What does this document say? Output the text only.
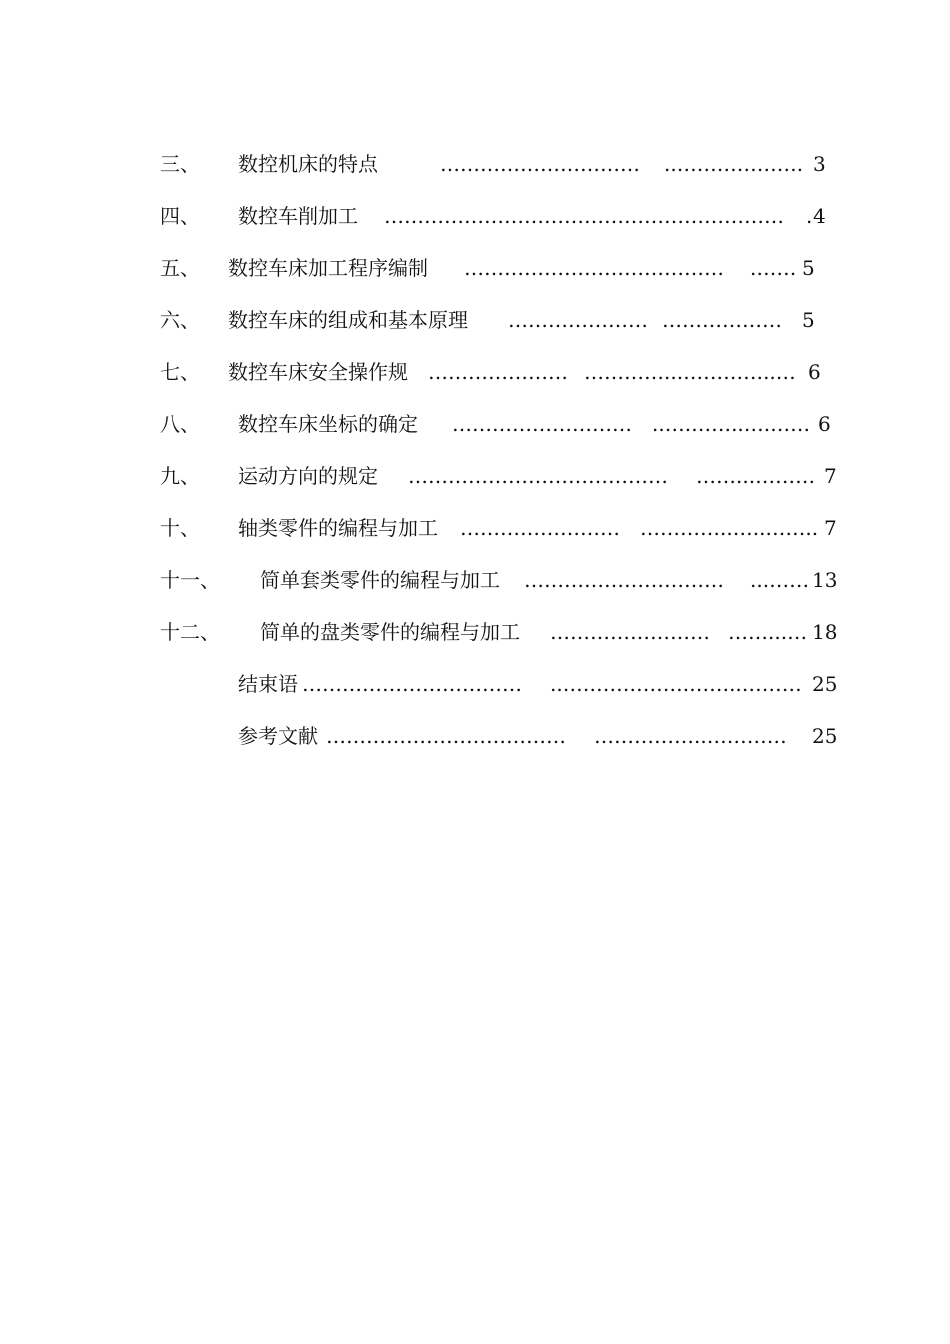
三、 数控机床的特点	………………………… ..………………. 3
四、 数控车削加工 …………………………………………………… . 4
五、 数控车床加工程序编制 ………………………………… .…… 5
六、 数控车床的组成和基本原理 ………………… ……………… 5
七、 数控车床安全操作规 ………………… …………...…………..… 6
八、 数控车床坐标的确定 ……………………… ..….……..….…… 6
九、 运动方向的规定 ………………………………… ……...……… 7
十、 轴类零件的编程与加工 …………………… …………..…..…….. 7
十一、 简单套类零件的编程与加工 ………………………… ...…… 13
十二、 简单的盘类零件的编程与加工 …………………… ……...… 18
结束语 …………………………… ..……………….……..……… 25
参考文献 ……………………………… ……………..………… 25
